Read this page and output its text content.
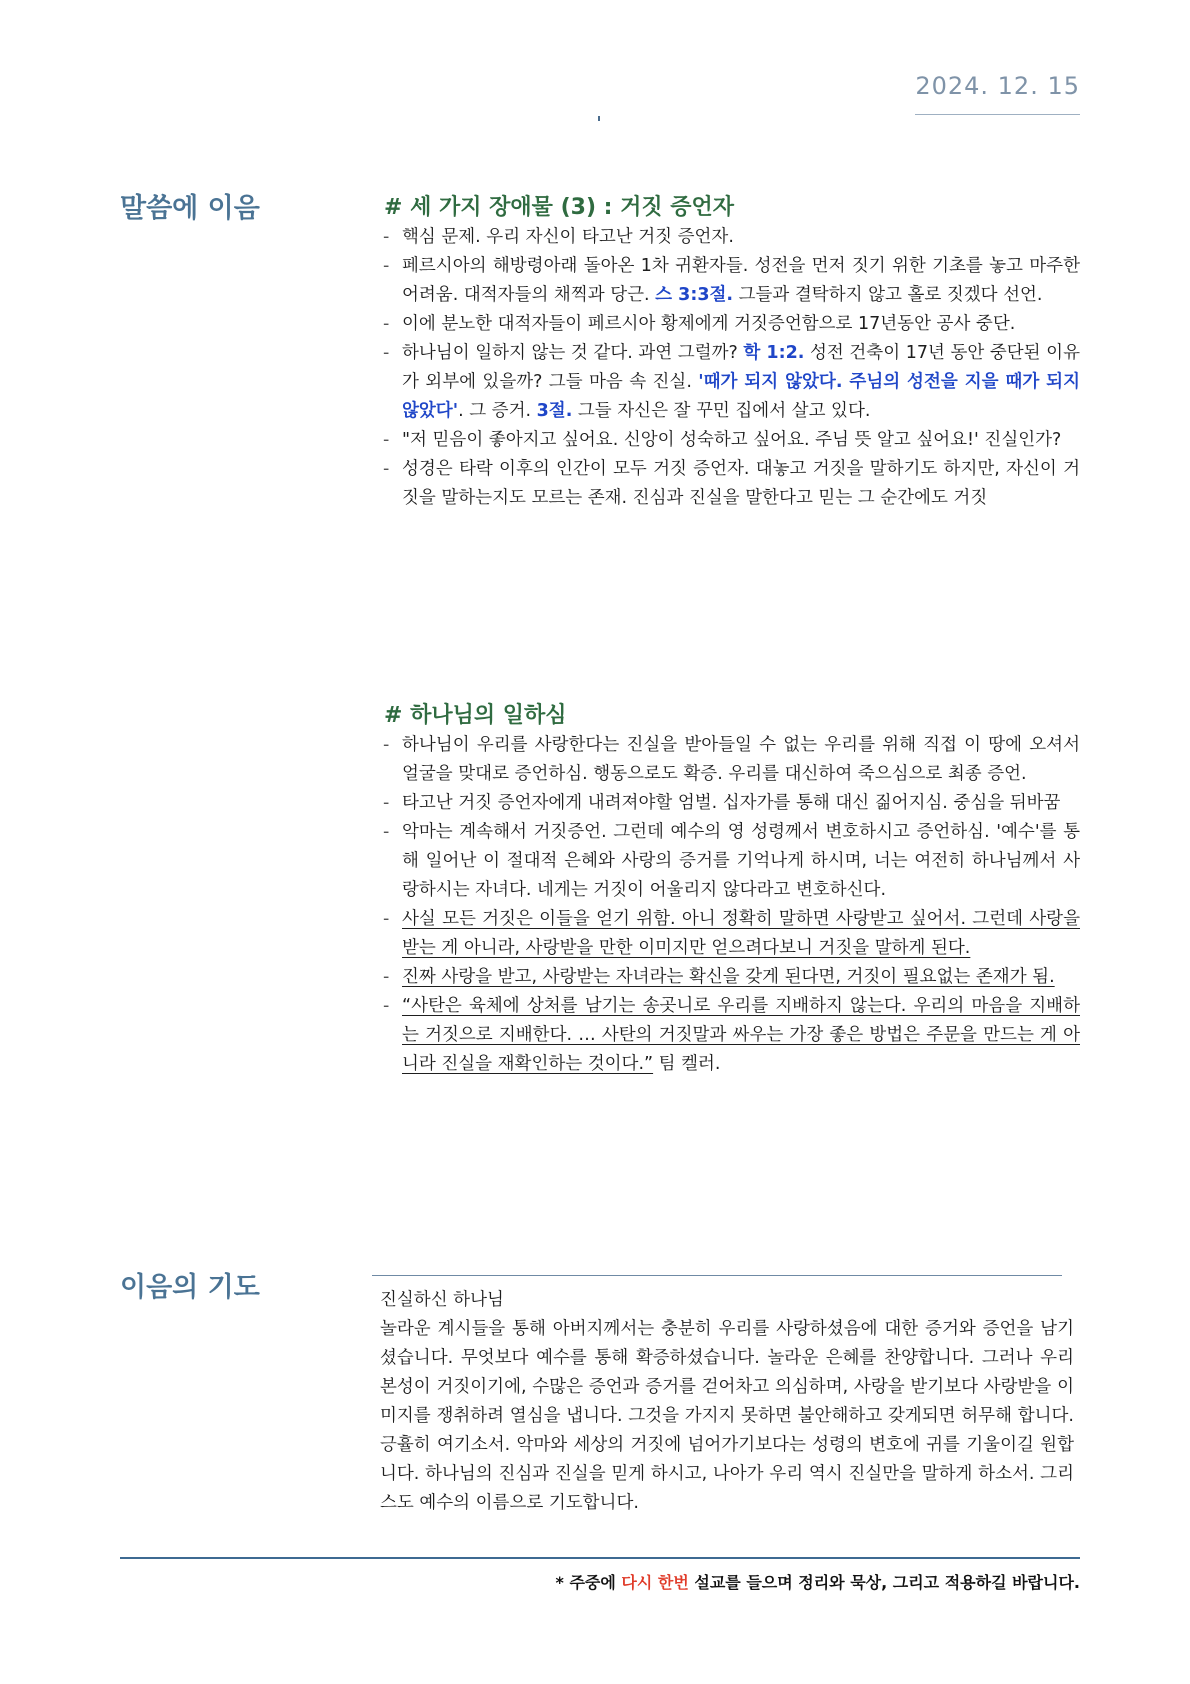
2024. 12. 15
말씀에 이음	# 세 가지 장애물 (3) : 거짓 증언자
- 핵심 문제. 우리 자신이 타고난 거짓 증언자.
- 페르시아의 해방령아래 돌아온 1차 귀환자들. 성전을 먼저 짓기 위한 기초를 놓고 마주한 어려움. 대적자들의 채찍과 당근. 스 3:3절. 그들과 결탁하지 않고 홀로 짓겠다 선언.
- 이에 분노한 대적자들이 페르시아 황제에게 거짓증언함으로 17년동안 공사 중단.
- 하나님이 일하지 않는 것 같다. 과연 그럴까? 학 1:2. 성전 건축이 17년 동안 중단된 이유가 외부에 있을까? 그들 마음 속 진실. '때가 되지 않았다. 주님의 성전을 지을 때가 되지 않았다'. 그 증거. 3절. 그들 자신은 잘 꾸민 집에서 살고 있다.
- "저 믿음이 좋아지고 싶어요. 신앙이 성숙하고 싶어요. 주님 뜻 알고 싶어요!' 진실인가?
- 성경은 타락 이후의 인간이 모두 거짓 증언자. 대놓고 거짓을 말하기도 하지만, 자신이 거짓을 말하는지도 모르는 존재. 진심과 진실을 말한다고 믿는 그 순간에도 거짓
# 하나님의 일하심
- 하나님이 우리를 사랑한다는 진실을 받아들일 수 없는 우리를 위해 직접 이 땅에 오셔서 얼굴을 맞대로 증언하심. 행동으로도 확증. 우리를 대신하여 죽으심으로 최종 증언.
- 타고난 거짓 증언자에게 내려져야할 엄벌. 십자가를 통해 대신 짊어지심. 중심을 뒤바꿈
- 악마는 계속해서 거짓증언. 그런데 예수의 영 성령께서 변호하시고 증언하심. '예수'를 통해 일어난 이 절대적 은혜와 사랑의 증거를 기억나게 하시며, 너는 여전히 하나님께서 사랑하시는 자녀다. 네게는 거짓이 어울리지 않다라고 변호하신다.
- 사실 모든 거짓은 이들을 얻기 위함. 아니 정확히 말하면 사랑받고 싶어서. 그런데 사랑을 받는 게 아니라, 사랑받을 만한 이미지만 얻으려다보니 거짓을 말하게 된다.
- 진짜 사랑을 받고, 사랑받는 자녀라는 확신을 갖게 된다면, 거짓이 필요없는 존재가 됨.
- “사탄은 육체에 상처를 남기는 송곳니로 우리를 지배하지 않는다. 우리의 마음을 지배하는 거짓으로 지배한다. … 사탄의 거짓말과 싸우는 가장 좋은 방법은 주문을 만드는 게 아니라 진실을 재확인하는 것이다.” 팀 켈러.
이음의 기도	진실하신 하나님
놀라운 계시들을 통해 아버지께서는 충분히 우리를 사랑하셨음에 대한 증거와 증언을 남기셨습니다. 무엇보다 예수를 통해 확증하셨습니다. 놀라운 은혜를 찬양합니다. 그러나 우리 본성이 거짓이기에, 수많은 증언과 증거를 걷어차고 의심하며, 사랑을 받기보다 사랑받을 이미지를 쟁취하려 열심을 냅니다. 그것을 가지지 못하면 불안해하고 갖게되면 허무해 합니다. 긍휼히 여기소서. 악마와 세상의 거짓에 넘어가기보다는 성령의 변호에 귀를 기울이길 원합니다. 하나님의 진심과 진실을 믿게 하시고, 나아가 우리 역시 진실만을 말하게 하소서. 그리스도 예수의 이름으로 기도합니다.
* 주중에 다시 한번 설교를 들으며 정리와 묵상, 그리고 적용하길 바랍니다.
